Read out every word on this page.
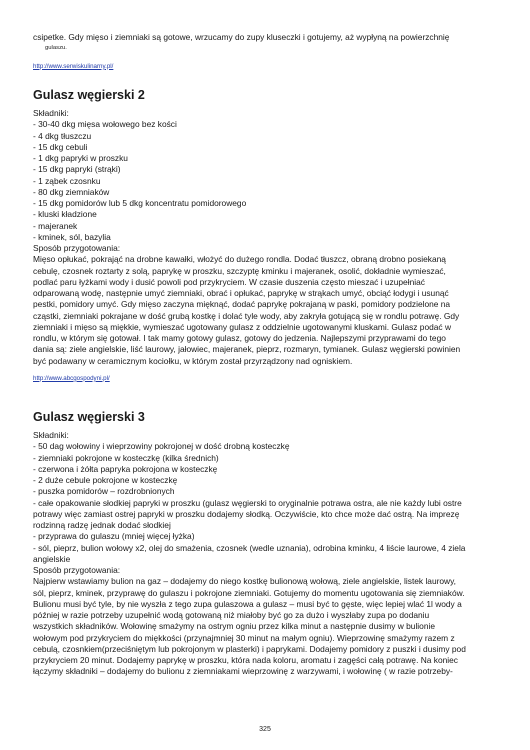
csipetke. Gdy mięso i ziemniaki są gotowe, wrzucamy do zupy kluseczki i gotujemy, aż wypłyną na powierzchnię

gulaszu.

http://www.serwiskulinarny.pl/

Gulasz węgierski 2

Składniki:

- 30-40 dkg mięsa wołowego bez kości

- 4 dkg tłuszczu

- 15 dkg cebuli

- 1 dkg papryki w proszku

- 15 dkg papryki (strąki)

- 1 ząbek czosnku

- 80 dkg ziemniaków

- 15 dkg pomidorów lub 5 dkg koncentratu pomidorowego

- kluski kładzione

- majeranek

- kminek, sól, bazylia

Sposób przygotowania:

Mięso opłukać, pokrająć na drobne kawałki, włożyć do dużego rondla. Dodać tłuszcz, obraną drobno posiekaną

cebulę, czosnek roztarty z solą, paprykę w proszku, szczyptę kminku i majeranek, osolić, dokładnie wymieszać,

podlać paru łyżkami wody i dusić powoli pod przykryciem. W czasie duszenia często mieszać i uzupełniać

odparowaną wodę, następnie umyć ziemniaki, obrać i opłukać, paprykę w strąkach umyć, obciąć łodygi i usunąć

pestki, pomidory umyć. Gdy mięso zaczyna mięknąć, dodać paprykę pokrajaną w paski, pomidory podzielone na

cząstki, ziemniaki pokrajane w dość grubą kostkę i dolać tyle wody, aby zakryła gotującą się w rondlu potrawę. Gdy

ziemniaki i mięso są miękkie, wymieszać ugotowany gulasz z oddzielnie ugotowanymi kluskami. Gulasz podać w

rondlu, w którym się gotował. I tak mamy gotowy gulasz, gotowy do jedzenia. Najlepszymi przyprawami do tego

dania są: ziele angielskie, liść laurowy, jałowiec, majeranek, pieprz, rozmaryn, tymianek. Gulasz węgierski powinien

być podawany w ceramicznym kociołku, w którym został przyrządzony nad ogniskiem.

http://www.abcgospodyni.pl/

Gulasz węgierski 3

Składniki:

- 50 dag wołowiny i wieprzowiny pokrojonej w dość drobną kosteczkę

- ziemniaki pokrojone w kosteczkę (kilka średnich)

- czerwona i żółta papryka pokrojona w kosteczkę

- 2 duże cebule pokrojone w kosteczkę

- puszka pomidorów – rozdrobnionych

- całe opakowanie słodkiej papryki w proszku (gulasz węgierski to oryginalnie potrawa ostra, ale nie każdy lubi ostre

potrawy więc zamiast ostrej papryki w proszku dodajemy słodką. Oczywiście, kto chce może dać ostrą. Na imprezę

rodzinną radzę jednak dodać słodkiej

- przyprawa do gulaszu (mniej więcej łyżka)

- sól, pieprz, bulion wołowy x2, olej do smażenia, czosnek (wedle uznania), odrobina kminku, 4 liście laurowe, 4 ziela

angielskie

Sposób przygotowania:

Najpierw wstawiamy bulion na gaz – dodajemy do niego kostkę bulionową wołową, ziele angielskie, listek laurowy,

sól, pieprz, kminek, przyprawę do gulaszu i pokrojone ziemniaki. Gotujemy do momentu ugotowania się ziemniaków.

Bulionu musi być tyle, by nie wyszła z tego zupa gulaszowa a gulasz – musi być to gęste, więc lepiej wlać 1l wody a

później w razie potrzeby uzupełnić wodą gotowaną niż miałoby być go za dużo i wyszłaby zupa po dodaniu

wszystkich składników. Wołowinę smażymy na ostrym ogniu przez kilka minut a następnie dusimy w bulionie

wołowym pod przykryciem do miękkości (przynajmniej 30 minut na małym ogniu). Wieprzowinę smażymy razem z

cebulą, czosnkiem(przeciśniętym lub pokrojonym w plasterki) i paprykami. Dodajemy pomidory z puszki i dusimy pod

przykryciem 20 minut. Dodajemy paprykę w proszku, która nada koloru, aromatu i zagęści całą potrawę. Na koniec

łączymy składniki – dodajemy do bulionu z ziemniakami wieprzowinę z warzywami, i wołowinę ( w razie potrzeby-

325
